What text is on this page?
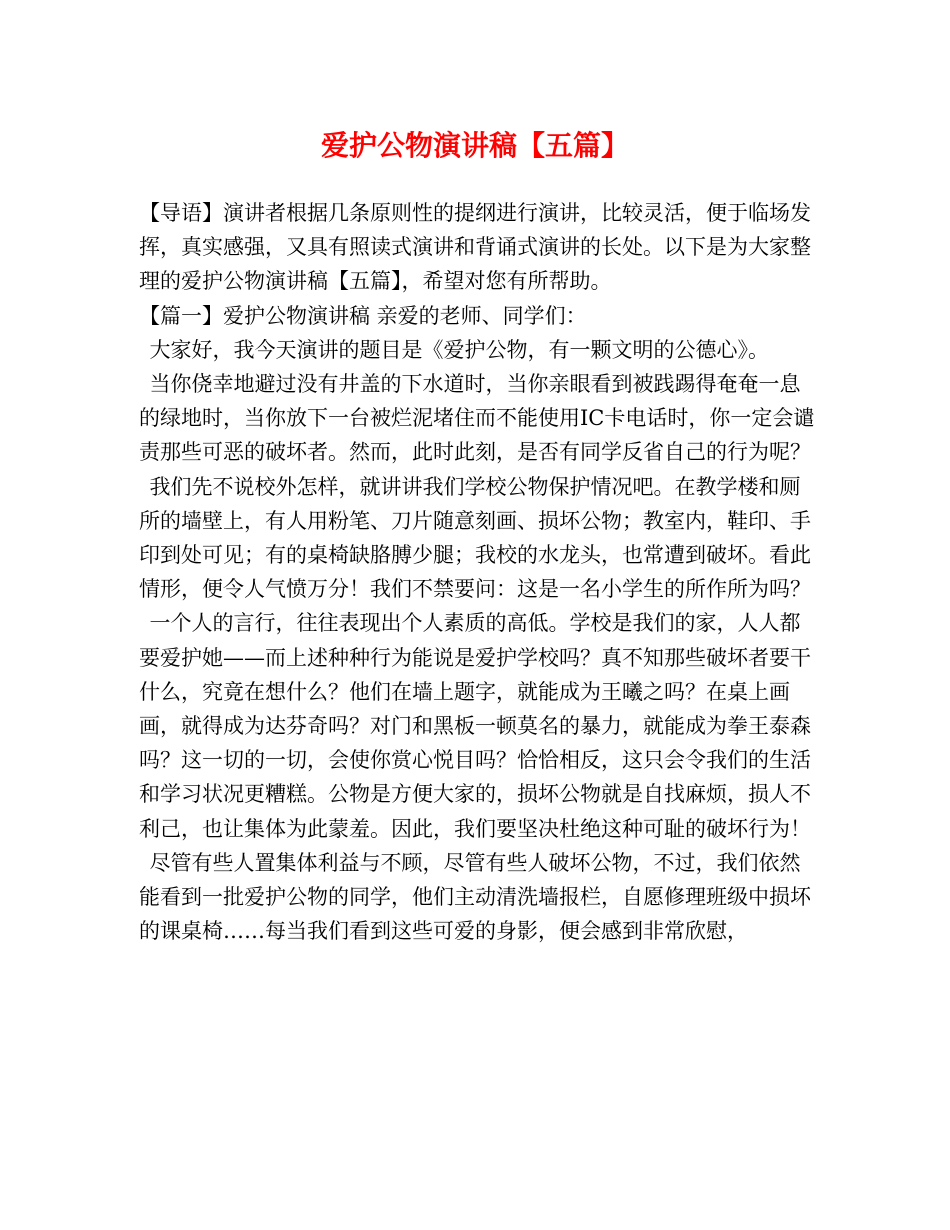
爱护公物演讲稿【五篇】

【导语】演讲者根据几条原则性的提纲进行演讲，比较灵活，便于临场发挥，真实感强，又具有照读式演讲和背诵式演讲的长处。以下是为大家整理的爱护公物演讲稿【五篇】，希望对您有所帮助。

【篇一】爱护公物演讲稿 亲爱的老师、同学们：

大家好，我今天演讲的题目是《爱护公物，有一颗文明的公德心》。

当你侥幸地避过没有井盖的下水道时，当你亲眼看到被践踢得奄奄一息的绿地时，当你放下一台被烂泥堵住而不能使用IC卡电话时，你一定会谴责那些可恶的破坏者。然而，此时此刻，是否有同学反省自己的行为呢？

我们先不说校外怎样，就讲讲我们学校公物保护情况吧。在教学楼和厕所的墙壁上，有人用粉笔、刀片随意刻画、损坏公物；教室内，鞋印、手印到处可见；有的桌椅缺胳膊少腿；我校的水龙头，也常遭到破坏。看此情形，便令人气愤万分！我们不禁要问：这是一名小学生的所作所为吗？

一个人的言行，往往表现出个人素质的高低。学校是我们的家，人人都要爱护她——而上述种种行为能说是爱护学校吗？真不知那些破坏者要干什么，究竟在想什么？他们在墙上题字，就能成为王曦之吗？在桌上画画，就得成为达芬奇吗？对门和黑板一顿莫名的暴力，就能成为拳王泰森吗？这一切的一切，会使你赏心悦目吗？恰恰相反，这只会令我们的生活和学习状况更糟糕。公物是方便大家的，损坏公物就是自找麻烦，损人不利己，也让集体为此蒙羞。因此，我们要坚决杜绝这种可耻的破坏行为！

尽管有些人置集体利益与不顾，尽管有些人破坏公物，不过，我们依然能看到一批爱护公物的同学，他们主动清洗墙报栏，自愿修理班级中损坏的课桌椅……每当我们看到这些可爱的身影，便会感到非常欣慰，
